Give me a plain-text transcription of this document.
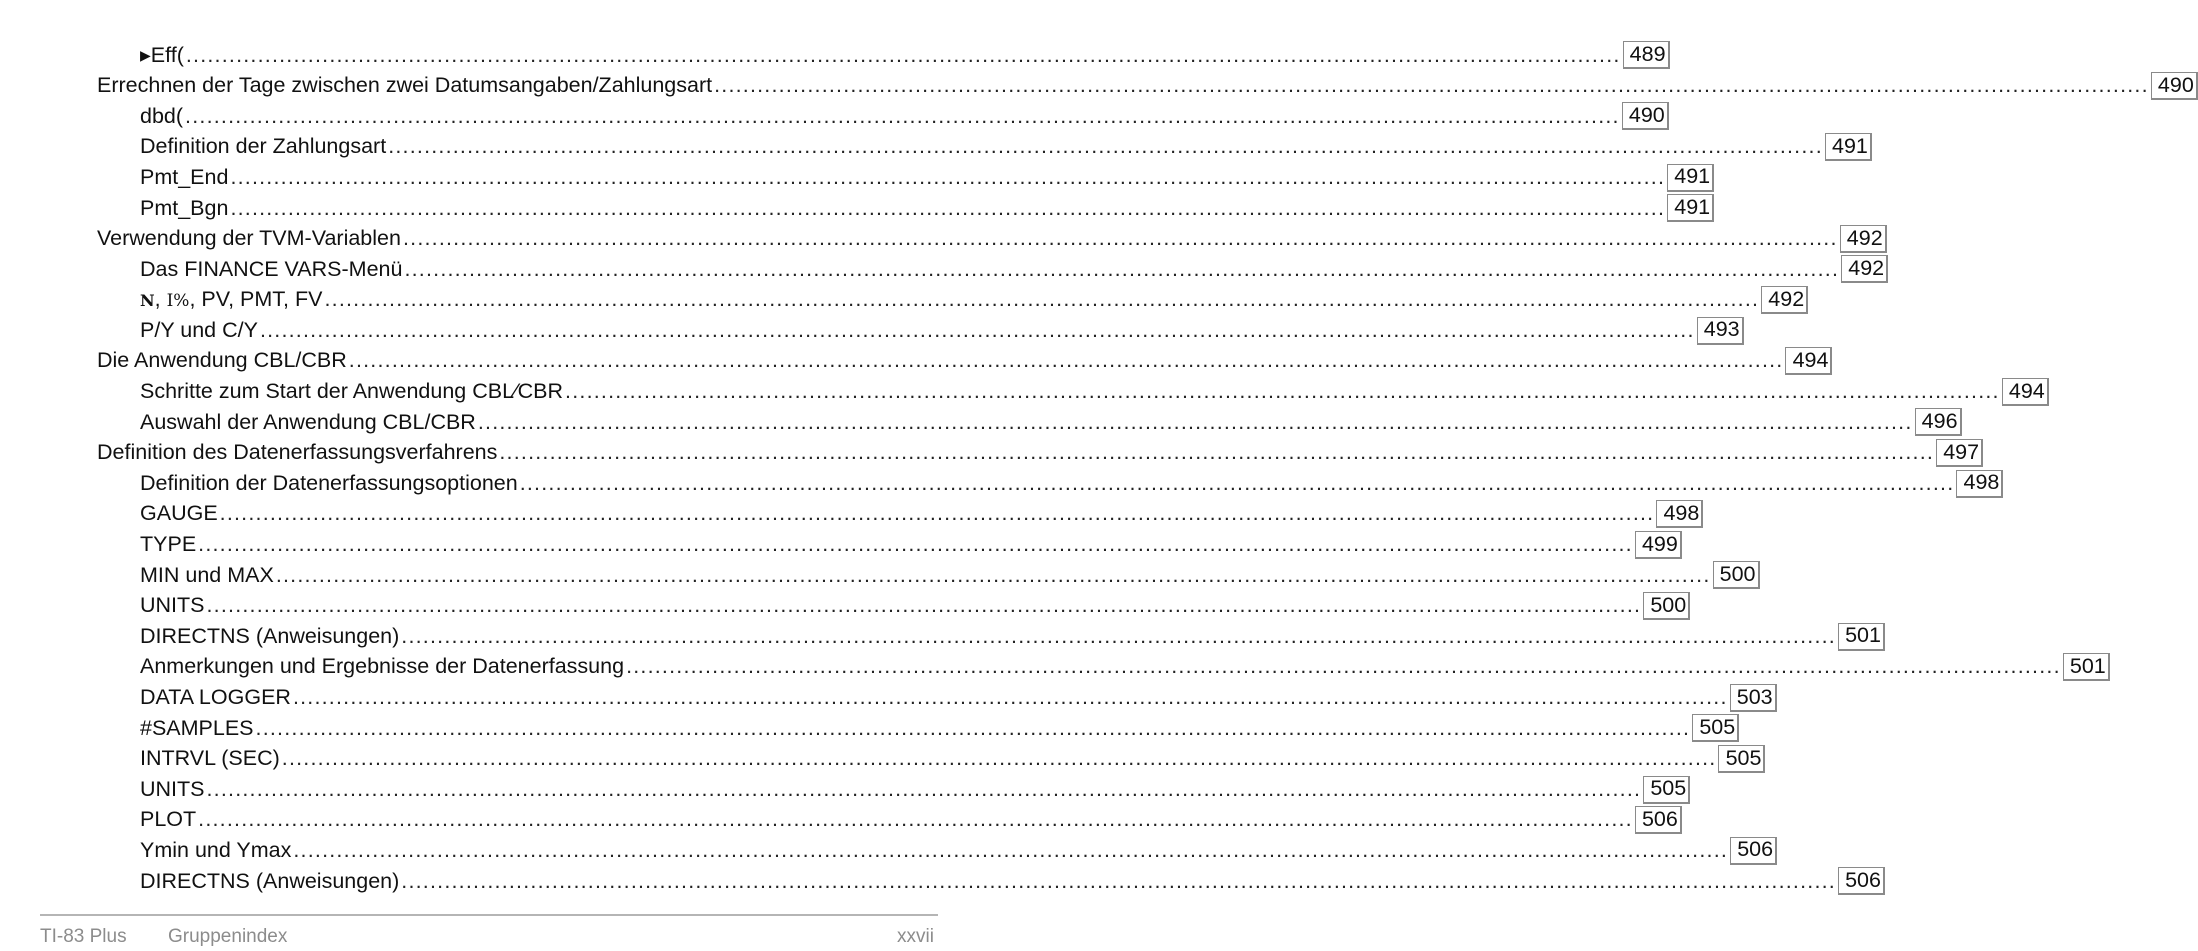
▸Eff( ........................................................................................................................................................................................................ 489
Errechnen der Tage zwischen zwei Datumsangaben/Zahlungsart ........................................................................................................................................................................................................ 490
dbd( ........................................................................................................................................................................................................ 490
Definition der Zahlungsart ........................................................................................................................................................................................................ 491
Pmt_End ........................................................................................................................................................................................................ 491
Pmt_Bgn ........................................................................................................................................................................................................ 491
Verwendung der TVM-Variablen ........................................................................................................................................................................................................ 492
Das FINANCE VARS-Menü ........................................................................................................................................................................................................ 492
N, I%, PV, PMT, FV ........................................................................................................................................................................................................ 492
P/Y und C/Y ........................................................................................................................................................................................................ 493
Die Anwendung CBL/CBR ........................................................................................................................................................................................................ 494
Schritte zum Start der Anwendung CBL⁄CBR ........................................................................................................................................................................................................ 494
Auswahl der Anwendung CBL/CBR ........................................................................................................................................................................................................ 496
Definition des Datenerfassungsverfahrens ........................................................................................................................................................................................................ 497
Definition der Datenerfassungsoptionen ........................................................................................................................................................................................................ 498
GAUGE ........................................................................................................................................................................................................ 498
TYPE ........................................................................................................................................................................................................ 499
MIN und MAX ........................................................................................................................................................................................................ 500
UNITS ........................................................................................................................................................................................................ 500
DIRECTNS (Anweisungen) ........................................................................................................................................................................................................ 501
Anmerkungen und Ergebnisse der Datenerfassung ........................................................................................................................................................................................................ 501
DATA LOGGER ........................................................................................................................................................................................................ 503
#SAMPLES ........................................................................................................................................................................................................ 505
INTRVL (SEC) ........................................................................................................................................................................................................ 505
UNITS ........................................................................................................................................................................................................ 505
PLOT ........................................................................................................................................................................................................ 506
Ymin und Ymax ........................................................................................................................................................................................................ 506
DIRECTNS (Anweisungen) ........................................................................................................................................................................................................ 506
TI-83 Plus Gruppenindex	xxvii
